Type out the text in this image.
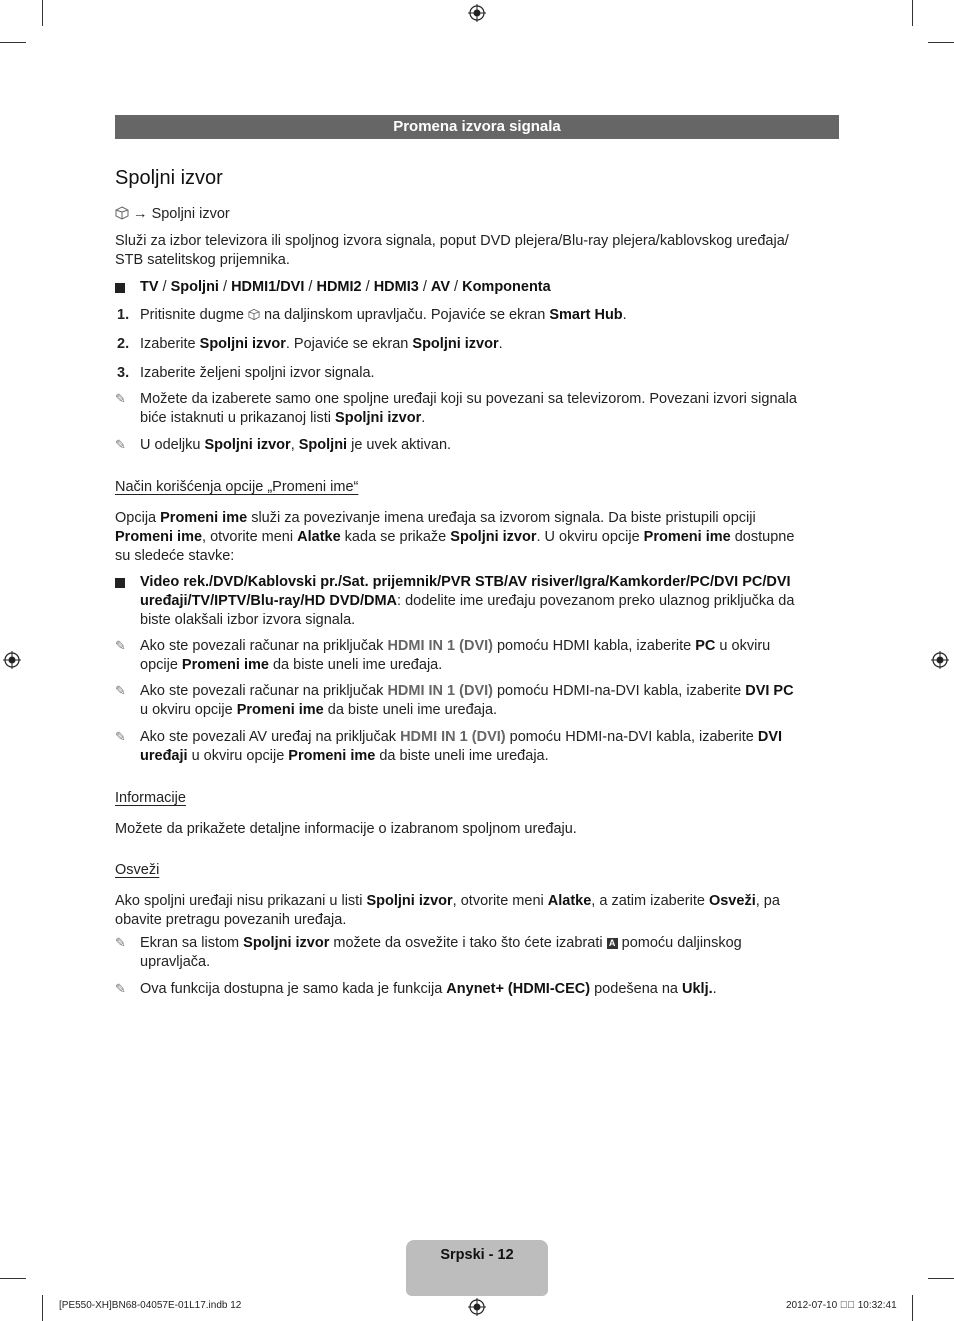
Promena izvora signala
Spoljni izvor
→ Spoljni izvor
Služi za izbor televizora ili spoljnog izvora signala, poput DVD plejera/Blu-ray plejera/kablovskog uređaja/
STB satelitskog prijemnika.
TV / Spoljni / HDMI1/DVI / HDMI2 / HDMI3 / AV / Komponenta
1. Pritisnite dugme  na daljinskom upravljaču. Pojaviće se ekran Smart Hub.
2. Izaberite Spoljni izvor. Pojaviće se ekran Spoljni izvor.
3. Izaberite željeni spoljni izvor signala.
✎ Možete da izaberete samo one spoljne uređaji koji su povezani sa televizorom. Povezani izvori signala
biće istaknuti u prikazanoj listi Spoljni izvor.
✎ U odeljku Spoljni izvor, Spoljni je uvek aktivan.
Način korišćenja opcije „Promeni ime“
Opcija Promeni ime služi za povezivanje imena uređaja sa izvorom signala. Da biste pristupili opciji
Promeni ime, otvorite meni Alatke kada se prikaže Spoljni izvor. U okviru opcije Promeni ime dostupne
su sledeće stavke:
Video rek./DVD/Kablovski pr./Sat. prijemnik/PVR STB/AV risiver/Igra/Kamkorder/PC/DVI PC/DVI
uređaji/TV/IPTV/Blu-ray/HD DVD/DMA: dodelite ime uređaju povezanom preko ulaznog priključka da
biste olakšali izbor izvora signala.
✎ Ako ste povezali računar na priključak HDMI IN 1 (DVI) pomoću HDMI kabla, izaberite PC u okviru
opcije Promeni ime da biste uneli ime uređaja.
✎ Ako ste povezali računar na priključak HDMI IN 1 (DVI) pomoću HDMI-na-DVI kabla, izaberite DVI PC
u okviru opcije Promeni ime da biste uneli ime uređaja.
✎ Ako ste povezali AV uređaj na priključak HDMI IN 1 (DVI) pomoću HDMI-na-DVI kabla, izaberite DVI
uređaji u okviru opcije Promeni ime da biste uneli ime uređaja.
Informacije
Možete da prikažete detaljne informacije o izabranom spoljnom uređaju.
Osveži
Ako spoljni uređaji nisu prikazani u listi Spoljni izvor, otvorite meni Alatke, a zatim izaberite Osveži, pa
obavite pretragu povezanih uređaja.
✎ Ekran sa listom Spoljni izvor možete da osvežite i tako što ćete izabrati A pomoću daljinskog
upravljača.
✎ Ova funkcija dostupna je samo kada je funkcija Anynet+ (HDMI-CEC) podešena na Uklj..
Srpski - 12
[PE550-XH]BN68-04057E-01L17.indb 12	2012-07-10 ￿￿ 10:32:41
